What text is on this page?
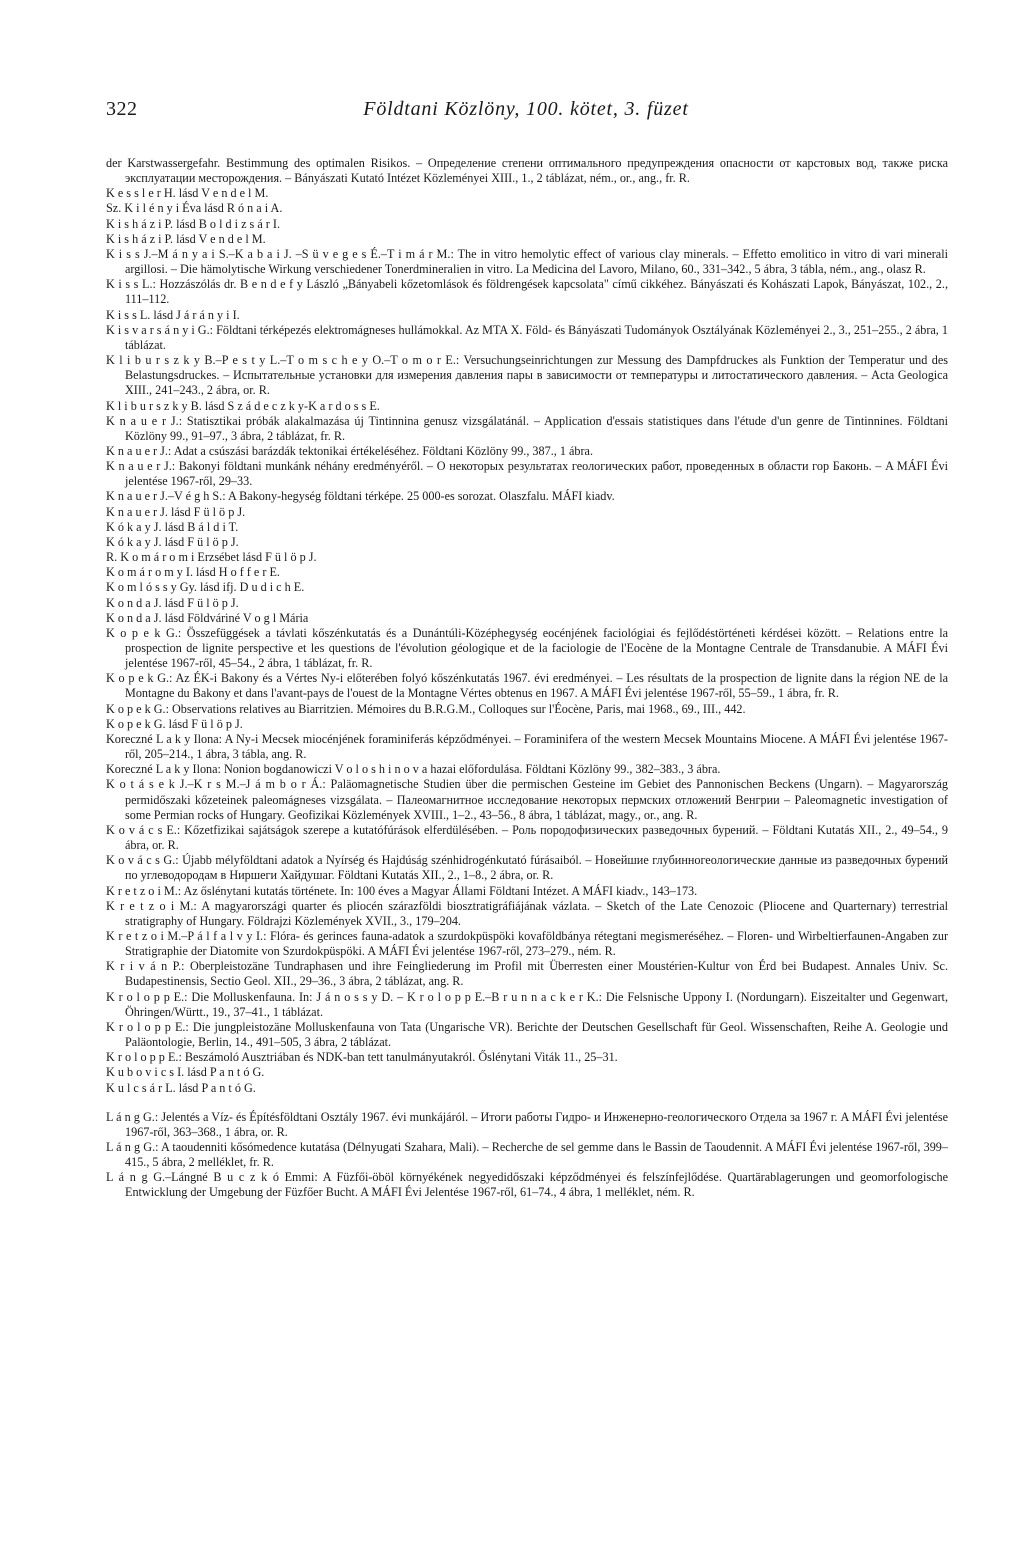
322	Földtani Közlöny, 100. kötet, 3. füzet

der Karstwassergefahr. Bestimmung des optimalen Risikos. – Определение степени оптимального предупреждения опасности от карстовых вод, также риска эксплуатации месторождения. – Bányászati Kutató Intézet Közleményei XIII., 1., 2 táblázat, ném., or., ang., fr. R.

K e s s l e r H. lásd V e n d e l M.

Sz. K i l é n y i Éva lásd R ó n a i A.

K i s h á z i P. lásd B o l d i z s á r I.

K i s h á z i P. lásd V e n d e l M.

K i s s J.–M á n y a i S.–K a b a i J. –S ü v e g e s É.–T i m á r M.: The in vitro hemolytic effect of various clay minerals. – Effetto emolitico in vitro di vari minerali argillosi. – Die hämolytische Wirkung verschiedener Tonerdmineralien in vitro. La Medicina del Lavoro, Milano, 60., 331–342., 5 ábra, 3 tábla, ném., ang., olasz R.

K i s s L.: Hozzászólás dr. B e n d e f y László „Bányabeli kőzetomlások és földrengések kapcsolata" című cikkéhez. Bányászati és Kohászati Lapok, Bányászat, 102., 2., 111–112.

K i s s L. lásd J á r á n y i I.

K i s v a r s á n y i G.: Földtani térképezés elektromágneses hullámokkal. Az MTA X. Föld- és Bányászati Tudományok Osztályának Közleményei 2., 3., 251–255., 2 ábra, 1 táblázat.

K l i b u r s z k y B.–P e s t y L.–T o m s c h e y O.–T o m o r E.: Versuchungseinrichtungen zur Messung des Dampfdruckes als Funktion der Temperatur und des Belastungsdruckes. – Испытательные установки для измерения давления пары в зависимости от температуры и литостатического давления. – Acta Geologica XIII., 241–243., 2 ábra, or. R.

K l i b u r s z k y B. lásd S z á d e c z k y-K a r d o s s E.

K n a u e r J.: Statisztikai próbák alakalmazása új Tintinnina genusz vizsgálatánál. – Application d'essais statistiques dans l'étude d'un genre de Tintinnines. Földtani Közlöny 99., 91–97., 3 ábra, 2 táblázat, fr. R.

K n a u e r J.: Adat a csúszási barázdák tektonikai értékeléséhez. Földtani Közlöny 99., 387., 1 ábra.

K n a u e r J.: Bakonyi földtani munkánk néhány eredményéről. – О некоторых результатах геологических работ, проведенных в области гор Баконь. – A MÁFI Évi jelentése 1967-ről, 29–33.

K n a u e r J.–V é g h S.: A Bakony-hegység földtani térképe. 25 000-es sorozat. Olaszfalu. MÁFI kiadv.

K n a u e r J. lásd F ü l ö p J.

K ó k a y J. lásd B á l d i T.

K ó k a y J. lásd F ü l ö p J.

R. K o m á r o m i Erzsébet lásd F ü l ö p J.

K o m á r o m y I. lásd H o f f e r E.

K o m l ó s s y Gy. lásd ifj. D u d i c h E.

K o n d a J. lásd F ü l ö p J.

K o n d a J. lásd Földváriné V o g l Mária

K o p e k G.: Összefüggések a távlati kőszénkutatás és a Dunántúli-Középhegység eocénjének faciológiai és fejlődéstörténeti kérdései között. – Relations entre la prospection de lignite perspective et les questions de l'évolution géologique et de la faciologie de l'Eocène de la Montagne Centrale de Transdanubie. A MÁFI Évi jelentése 1967-ről, 45–54., 2 ábra, 1 táblázat, fr. R.

K o p e k G.: Az ÉK-i Bakony és a Vértes Ny-i előterében folyó kőszénkutatás 1967. évi eredményei. – Les résultats de la prospection de lignite dans la région NE de la Montagne du Bakony et dans l'avant-pays de l'ouest de la Montagne Vértes obtenus en 1967. A MÁFI Évi jelentése 1967-ről, 55–59., 1 ábra, fr. R.

K o p e k G.: Observations relatives au Biarritzien. Mémoires du B.R.G.M., Colloques sur l'Éocène, Paris, mai 1968., 69., III., 442.

K o p e k G. lásd F ü l ö p J.

Koreczné L a k y Ilona: A Ny-i Mecsek miocénjének foraminiferás képződményei. – Foraminifera of the western Mecsek Mountains Miocene. A MÁFI Évi jelentése 1967-ről, 205–214., 1 ábra, 3 tábla, ang. R.

Koreczné L a k y Ilona: Nonion bogdanowiczi V o l o s h i n o v a hazai előfordulása. Földtani Közlöny 99., 382–383., 3 ábra.

K o t á s e k J.–K r s M.–J á m b o r Á.: Paläomagnetische Studien über die permischen Gesteine im Gebiet des Pannonischen Beckens (Ungarn). – Magyarország permidőszaki kőzeteinek paleomágneses vizsgálata. – Палеомагнитное исследование некоторых пермских отложений Венгрии – Paleomagnetic investigation of some Permian rocks of Hungary. Geofizikai Közlemények XVIII., 1–2., 43–56., 8 ábra, 1 táblázat, magy., or., ang. R.

K o v á c s E.: Kőzetfizikai sajátságok szerepe a kutatófúrások elferdülésében. – Роль породофизических разведочных бурений. – Földtani Kutatás XII., 2., 49–54., 9 ábra, or. R.

K o v á c s G.: Újabb mélyföldtani adatok a Nyírség és Hajdúság szénhidrogénkutató fúrásaiból. – Новейшие глубинногеологические данные из разведочных бурений по углеводородам в Ниршеги Хайдушаг. Földtani Kutatás XII., 2., 1–8., 2 ábra, or. R.

K r e t z o i M.: Az őslénytani kutatás története. In: 100 éves a Magyar Állami Földtani Intézet. A MÁFI kiadv., 143–173.

K r e t z o i M.: A magyarországi quarter és pliocén szárazföldi biosztratigráfiájának vázlata. – Sketch of the Late Cenozoic (Pliocene and Quarternary) terrestrial stratigraphy of Hungary. Földrajzi Közlemények XVII., 3., 179–204.

K r e t z o i M.–P á l f a l v y I.: Flóra- és gerinces fauna-adatok a szurdokpüspöki kovaföldbánya rétegtani megismeréséhez. – Floren- und Wirbeltierfaunen-Angaben zur Stratigraphie der Diatomite von Szurdokpüspöki. A MÁFI Évi jelentése 1967-ről, 273–279., ném. R.

K r i v á n P.: Oberpleistozäne Tundraphasen und ihre Feingliederung im Profil mit Überresten einer Moustérien-Kultur von Érd bei Budapest. Annales Univ. Sc. Budapestinensis, Sectio Geol. XII., 29–36., 3 ábra, 2 táblázat, ang. R.

K r o l o p p E.: Die Molluskenfauna. In: J á n o s s y D. – K r o l o p p E.–B r u n n a c k e r K.: Die Felsnische Uppony I. (Nordungarn). Eiszeitalter und Gegenwart, Öhringen/Württ., 19., 37–41., 1 táblázat.

K r o l o p p E.: Die jungpleistozäne Molluskenfauna von Tata (Ungarische VR). Berichte der Deutschen Gesellschaft für Geol. Wissenschaften, Reihe A. Geologie und Paläontologie, Berlin, 14., 491–505, 3 ábra, 2 táblázat.

K r o l o p p E.: Beszámoló Ausztriában és NDK-ban tett tanulmányutakról. Őslénytani Viták 11., 25–31.

K u b o v i c s I. lásd P a n t ó G.

K u l c s á r L. lásd P a n t ó G.

L á n g G.: Jelentés a Víz- és Építésföldtani Osztály 1967. évi munkájáról. – Итоги работы Гидро- и Инженерно-геологического Отдела за 1967 г. A MÁFI Évi jelentése 1967-ről, 363–368., 1 ábra, or. R.

L á n g G.: A taoudenniti kősómedence kutatása (Délnyugati Szahara, Mali). – Recherche de sel gemme dans le Bassin de Taoudennit. A MÁFI Évi jelentése 1967-ről, 399–415., 5 ábra, 2 melléklet, fr. R.

L á n g G.–Lángné B u c z k ó Emmi: A Füzfői-öböl környékének negyedidőszaki képződményei és felszínfejlődése. Quartärablagerungen und geomorfologische Entwicklung der Umgebung der Füzfőer Bucht. A MÁFI Évi Jelentése 1967-ről, 61–74., 4 ábra, 1 melléklet, ném. R.
